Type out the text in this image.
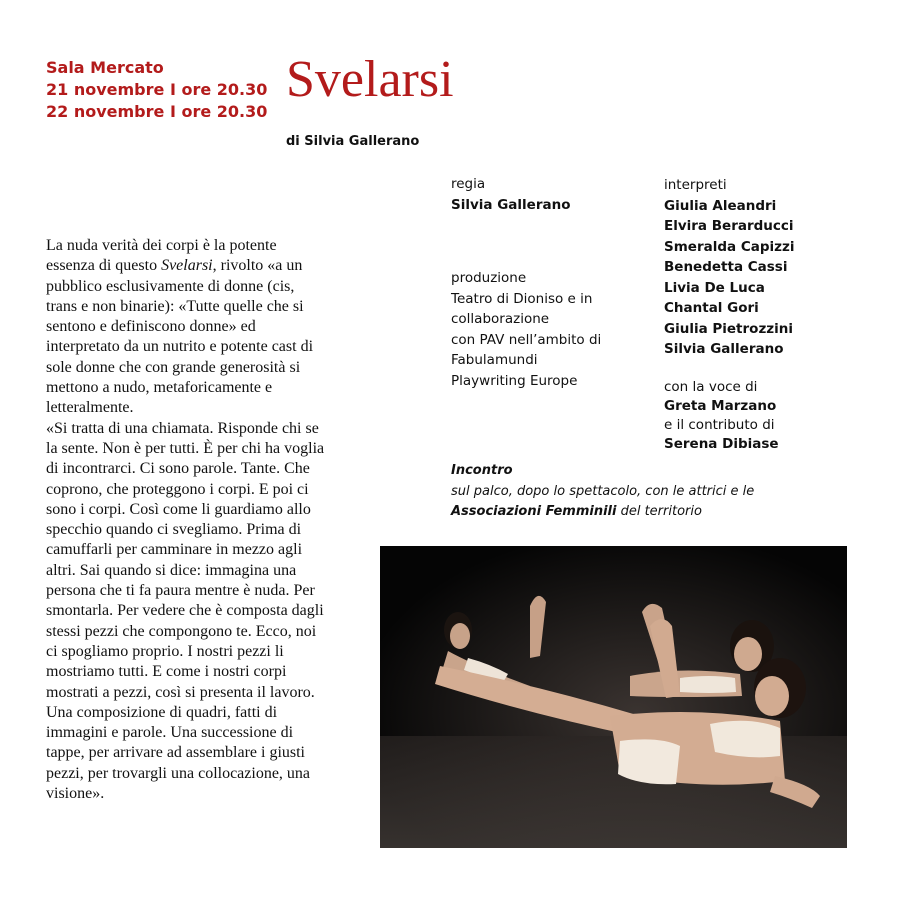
Sala Mercato
21 novembre I ore 20.30
22 novembre I ore 20.30
Svelarsi
di Silvia Gallerano

La nuda verità dei corpi è la potente essenza di questo Svelarsi, rivolto «a un pubblico esclusivamente di donne (cis, trans e non binarie): «Tutte quelle che si sentono e definiscono donne» ed interpretato da un nutrito e potente cast di sole donne che con grande generosità si mettono a nudo, metaforicamente e letteralmente.

«Si tratta di una chiamata. Risponde chi se la sente. Non è per tutti. È per chi ha voglia di incontrarci. Ci sono parole. Tante. Che coprono, che proteggono i corpi. E poi ci sono i corpi. Così come li guardiamo allo specchio quando ci svegliamo. Prima di camuffarli per camminare in mezzo agli altri. Sai quando si dice: immagina una persona che ti fa paura mentre è nuda. Per smontarla. Per vedere che è composta dagli stessi pezzi che compongono te. Ecco, noi ci spogliamo proprio. I nostri pezzi li mostriamo tutti. E come i nostri corpi mostrati a pezzi, così si presenta il lavoro. Una composizione di quadri, fatti di immagini e parole. Una successione di tappe, per arrivare ad assemblare i giusti pezzi, per trovargli una collocazione, una visione».

regia
Silvia Gallerano
produzione
Teatro di Dioniso e in
collaborazione
con PAV nell’ambito di
Fabulamundi
Playwriting Europe
interpreti
Giulia Aleandri
Elvira Berarducci
Smeralda Capizzi
Benedetta Cassi
Livia De Luca
Chantal Gori
Giulia Pietrozzini
Silvia Gallerano
con la voce di
Greta Marzano
e il contributo di
Serena Dibiase
Incontro
sul palco, dopo lo spettacolo, con le attrici e le
Associazioni Femminili del territorio
